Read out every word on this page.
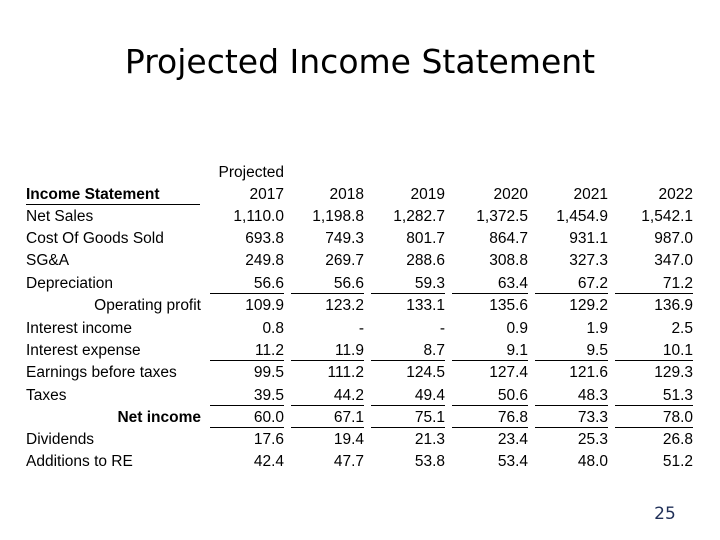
Projected Income Statement
Projected
Income Statement	2017	2018	2019	2020	2021	2022
Net Sales	1,110.0	1,198.8	1,282.7	1,372.5	1,454.9	1,542.1
Cost Of Goods Sold	693.8	749.3	801.7	864.7	931.1	987.0
SG&A	249.8	269.7	288.6	308.8	327.3	347.0
Depreciation	56.6	56.6	59.3	63.4	67.2	71.2
Operating profit	109.9	123.2	133.1	135.6	129.2	136.9
Interest income	0.8	-	-	0.9	1.9	2.5
Interest expense	11.2	11.9	8.7	9.1	9.5	10.1
Earnings before taxes	99.5	111.2	124.5	127.4	121.6	129.3
Taxes	39.5	44.2	49.4	50.6	48.3	51.3
Net income	60.0	67.1	75.1	76.8	73.3	78.0
Dividends	17.6	19.4	21.3	23.4	25.3	26.8
Additions to RE	42.4	47.7	53.8	53.4	48.0	51.2
25
